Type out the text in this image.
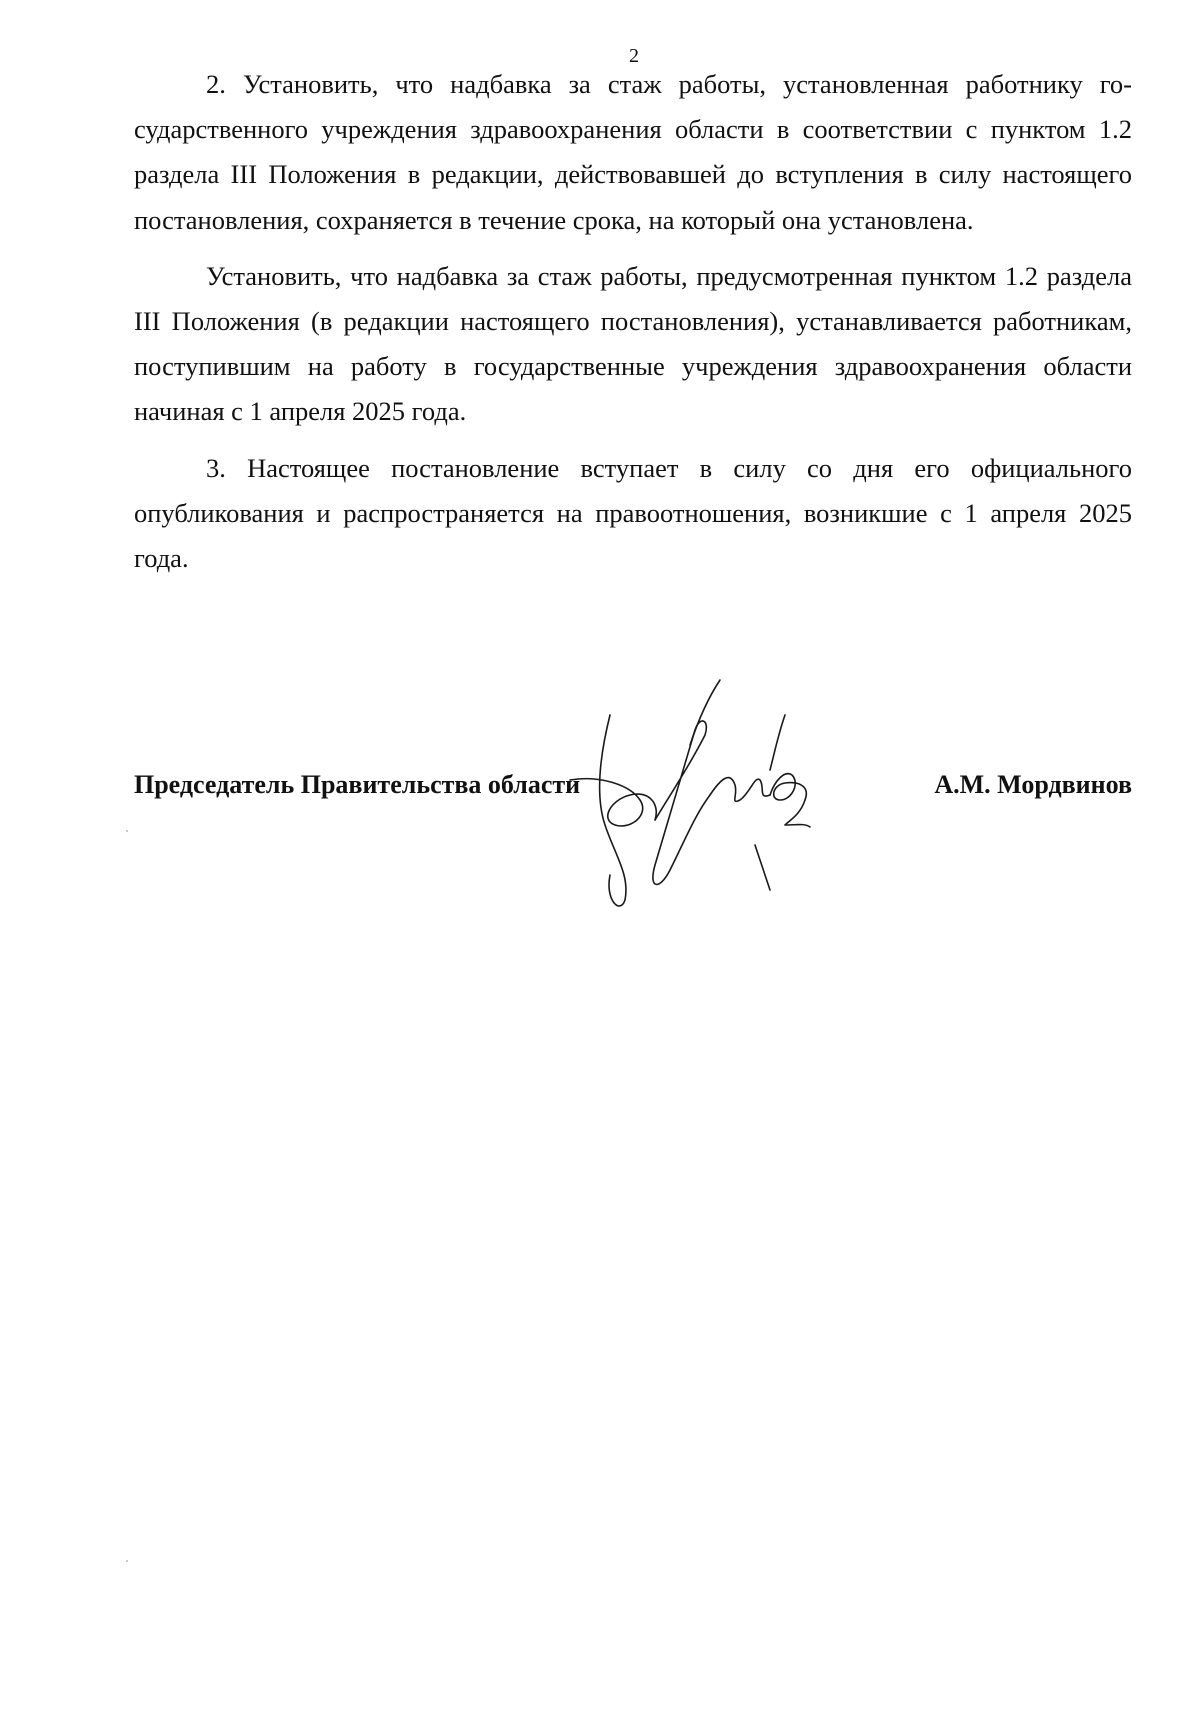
2

2. Установить, что надбавка за стаж работы, установленная работнику государственного учреждения здравоохранения области в соответствии с пунктом 1.2 раздела III Положения в редакции, действовавшей до вступления в силу настоящего постановления, сохраняется в течение срока, на который она установлена.

Установить, что надбавка за стаж работы, предусмотренная пунктом 1.2 раздела III Положения (в редакции настоящего постановления), устанавливается работникам, поступившим на работу в государственные учреждения здравоохранения области начиная с 1 апреля 2025 года.

3. Настоящее постановление вступает в силу со дня его официального опубликования и распространяется на правоотношения, возникшие с 1 апреля 2025 года.

Председатель Правительства области	А.М. Мордвинов
